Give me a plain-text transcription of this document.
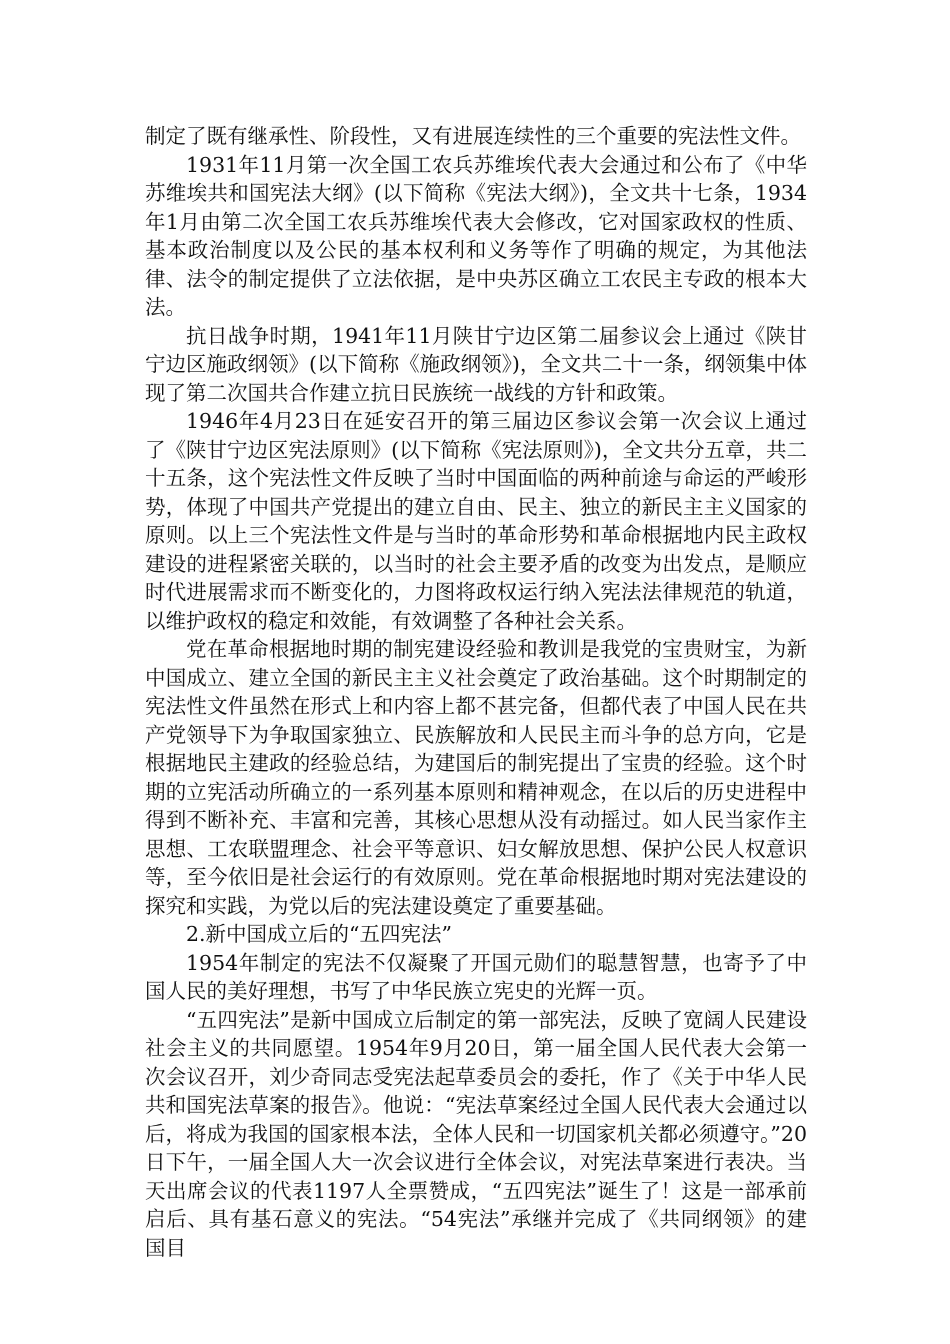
制定了既有继承性、阶段性，又有进展连续性的三个重要的宪法性文件。

1931年11月第一次全国工农兵苏维埃代表大会通过和公布了《中华苏维埃共和国宪法大纲》(以下简称《宪法大纲》)，全文共十七条，1934年1月由第二次全国工农兵苏维埃代表大会修改，它对国家政权的性质、基本政治制度以及公民的基本权利和义务等作了明确的规定，为其他法律、法令的制定提供了立法依据，是中央苏区确立工农民主专政的根本大法。

抗日战争时期，1941年11月陕甘宁边区第二届参议会上通过《陕甘宁边区施政纲领》(以下简称《施政纲领》)，全文共二十一条，纲领集中体现了第二次国共合作建立抗日民族统一战线的方针和政策。

1946年4月23日在延安召开的第三届边区参议会第一次会议上通过了《陕甘宁边区宪法原则》(以下简称《宪法原则》)，全文共分五章，共二十五条，这个宪法性文件反映了当时中国面临的两种前途与命运的严峻形势，体现了中国共产党提出的建立自由、民主、独立的新民主主义国家的原则。以上三个宪法性文件是与当时的革命形势和革命根据地内民主政权建设的进程紧密关联的，以当时的社会主要矛盾的改变为出发点，是顺应时代进展需求而不断变化的，力图将政权运行纳入宪法法律规范的轨道，以维护政权的稳定和效能，有效调整了各种社会关系。

党在革命根据地时期的制宪建设经验和教训是我党的宝贵财宝，为新中国成立、建立全国的新民主主义社会奠定了政治基础。这个时期制定的宪法性文件虽然在形式上和内容上都不甚完备，但都代表了中国人民在共产党领导下为争取国家独立、民族解放和人民民主而斗争的总方向，它是根据地民主建政的经验总结，为建国后的制宪提出了宝贵的经验。这个时期的立宪活动所确立的一系列基本原则和精神观念，在以后的历史进程中得到不断补充、丰富和完善，其核心思想从没有动摇过。如人民当家作主思想、工农联盟理念、社会平等意识、妇女解放思想、保护公民人权意识等，至今依旧是社会运行的有效原则。党在革命根据地时期对宪法建设的探究和实践，为党以后的宪法建设奠定了重要基础。

2.新中国成立后的“五四宪法”

1954年制定的宪法不仅凝聚了开国元勋们的聪慧智慧，也寄予了中国人民的美好理想，书写了中华民族立宪史的光辉一页。

“五四宪法”是新中国成立后制定的第一部宪法，反映了宽阔人民建设社会主义的共同愿望。1954年9月20日，第一届全国人民代表大会第一次会议召开，刘少奇同志受宪法起草委员会的委托，作了《关于中华人民共和国宪法草案的报告》。他说：“宪法草案经过全国人民代表大会通过以后，将成为我国的国家根本法，全体人民和一切国家机关都必须遵守。”20日下午，一届全国人大一次会议进行全体会议，对宪法草案进行表决。当天出席会议的代表1197人全票赞成，“五四宪法”诞生了！这是一部承前启后、具有基石意义的宪法。“54宪法”承继并完成了《共同纲领》的建国目
